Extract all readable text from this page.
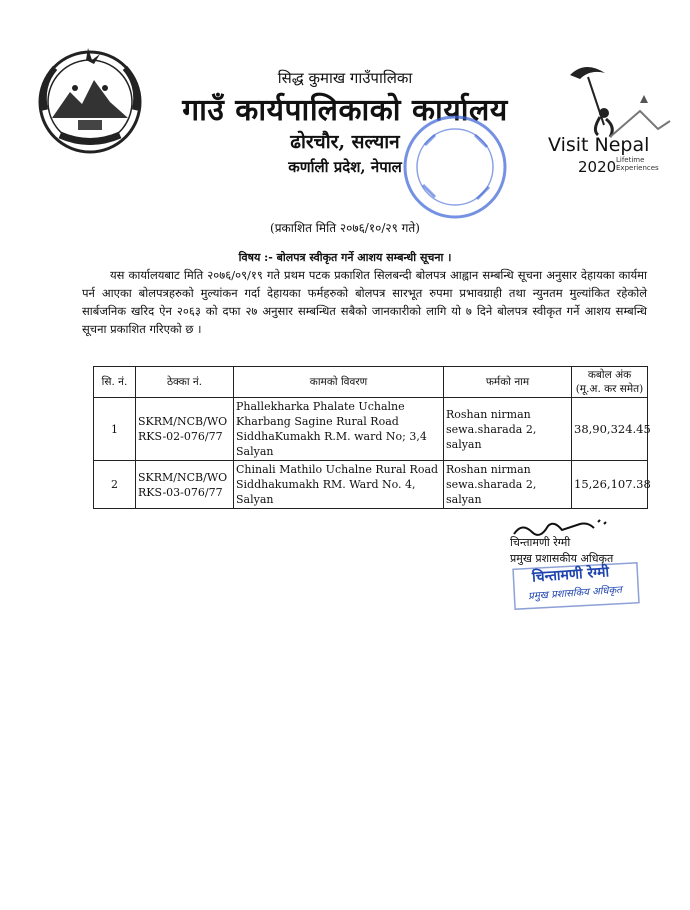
सिद्ध कुमाख गाउँपालिका
गाउँ कार्यपालिकाको कार्यालय
ढोरचौर, सल्यान
कर्णाली प्रदेश, नेपाल
Visit Nepal
2020 Lifetime
Experiences
(प्रकाशित मिति २०७६/१०/२९ गते)
विषय :- बोलपत्र स्वीकृत गर्ने आशय सम्बन्धी सूचना ।
यस कार्यालयबाट मिति २०७६/०९/१९ गते प्रथम पटक प्रकाशित सिलबन्दी बोलपत्र आह्वान सम्बन्धि सूचना अनुसार देहायका कार्यमा पर्न आएका बोलपत्रहरुको मुल्यांकन गर्दा देहायका फर्महरुको बोलपत्र सारभूत रुपमा प्रभावग्राही तथा न्युनतम मुल्यांकित रहेकोले सार्बजनिक खरिद ऐन २०६३ को दफा २७ अनुसार सम्बन्धित सबैको जानकारीको लागि यो ७ दिने बोलपत्र स्वीकृत गर्ने आशय सम्बन्धि सूचना प्रकाशित गरिएको छ ।
सि. नं.	ठेक्का नं.	कामको विवरण	फर्मको नाम	कबोल अंक
(मू.अ. कर समेत)

1	SKRM/NCB/WORKS-02-076/77	Phallekharka Phalate Uchalne Kharbang Sagine Rural Road SiddhaKumakh R.M. ward No; 3,4 Salyan	Roshan nirman sewa.sharada 2, salyan	38,90,324.45
2	SKRM/NCB/WORKS-03-076/77	Chinali Mathilo Uchalne Rural Road Siddhakumakh RM. Ward No. 4, Salyan	Roshan nirman sewa.sharada 2, salyan	15,26,107.38
चिन्तामणी रेग्मी
प्रमुख प्रशासकीय अधिकृत
चिन्तामणी रेग्मी
प्रमुख प्रशासकिय अधिकृत
